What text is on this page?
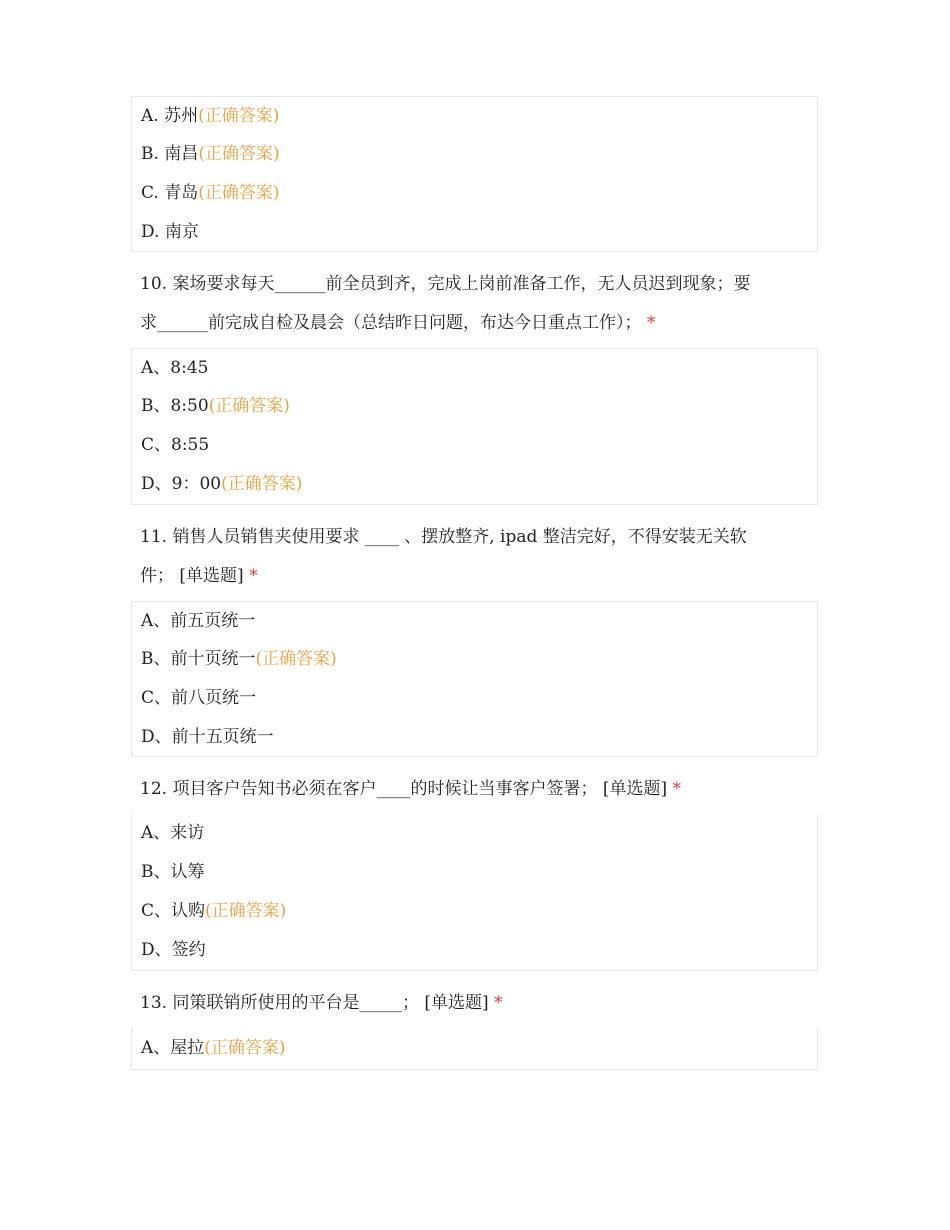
A. 苏州(正确答案)
B. 南昌(正确答案)
C. 青岛(正确答案)
D. 南京
10. 案场要求每天______前全员到齐，完成上岗前准备工作，无人员迟到现象；要
求______前完成自检及晨会（总结昨日问题，布达今日重点工作）； *
A、8:45
B、8:50(正确答案)
C、8:55
D、9：00(正确答案)
11. 销售人员销售夹使用要求 ____ 、摆放整齐, ipad 整洁完好，不得安装无关软
件； [单选题] *
A、前五页统一
B、前十页统一(正确答案)
C、前八页统一
D、前十五页统一
12. 项目客户告知书必须在客户____的时候让当事客户签署； [单选题] *
A、来访
B、认筹
C、认购(正确答案)
D、签约
13. 同策联销所使用的平台是_____； [单选题] *
A、屋拉(正确答案)
